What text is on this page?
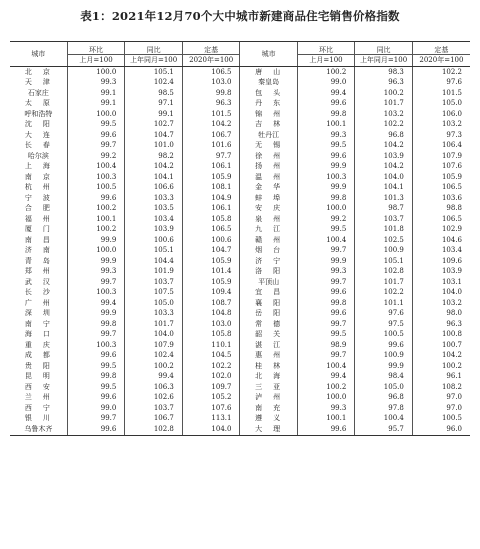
表1：2021年12月70个大中城市新建商品住宅销售价格指数
城市	环比	同比	定基	城市	环比	同比	定基
	上月=100	上年同月=100	2020年=100		上月=100	上年同月=100	2020年=100
北　京	100.0	105.1	106.5	唐　山	100.2	98.3	102.2
天　津	99.3	102.4	103.0	秦皇岛	99.0	96.3	97.6
石家庄	99.1	98.5	99.8	包　头	99.4	100.2	101.5
太　原	99.1	97.1	96.3	丹　东	99.6	101.7	105.0
呼和浩特	100.0	99.1	101.5	锦　州	99.8	103.2	106.0
沈　阳	99.5	102.7	104.2	吉　林	100.1	102.2	103.2
大　连	99.6	104.7	106.7	牡丹江	99.3	96.8	97.3
长　春	99.7	101.0	101.6	无　锡	99.5	104.2	106.4
哈尔滨	99.2	98.2	97.7	徐　州	99.6	103.9	107.9
上　海	100.4	104.2	106.1	扬　州	99.9	104.2	107.6
南　京	100.3	104.1	105.9	温　州	100.3	104.0	105.9
杭　州	100.5	106.6	108.1	金　华	99.9	104.1	106.5
宁　波	99.6	103.3	104.9	蚌　埠	99.8	101.3	103.6
合　肥	100.2	103.5	106.1	安　庆	100.0	98.7	98.8
福　州	100.1	103.4	105.8	泉　州	99.2	103.7	106.5
厦　门	100.2	103.9	106.5	九　江	99.5	101.8	102.9
南　昌	99.9	100.6	100.6	赣　州	100.4	102.5	104.6
济　南	100.0	105.1	104.7	烟　台	99.7	100.9	103.4
青　岛	99.9	104.4	105.9	济　宁	99.9	105.1	109.6
郑　州	99.3	101.9	101.4	洛　阳	99.3	102.8	103.9
武　汉	99.7	103.7	105.9	平顶山	99.7	101.7	103.1
长　沙	100.3	107.5	109.4	宜　昌	99.6	102.2	104.0
广　州	99.4	105.0	108.7	襄　阳	99.8	101.1	103.2
深　圳	99.9	103.3	104.8	岳　阳	99.6	97.6	98.0
南　宁	99.8	101.7	103.0	常　德	99.7	97.5	96.3
海　口	99.7	104.0	105.8	韶　关	99.5	100.5	100.8
重　庆	100.3	107.9	110.1	湛　江	98.9	99.6	100.7
成　都	99.6	102.4	104.5	惠　州	99.7	100.9	104.2
贵　阳	99.5	100.2	102.2	桂　林	100.4	99.9	100.2
昆　明	99.8	99.4	102.0	北　海	99.4	98.4	96.1
西　安	99.5	106.3	109.7	三　亚	100.2	105.0	108.2
兰　州	99.6	102.6	105.2	泸　州	100.0	96.8	97.0
西　宁	99.0	103.7	107.6	南　充	99.3	97.8	97.0
银　川	99.7	106.7	113.1	遵　义	100.1	100.4	100.5
乌鲁木齐	99.6	102.8	104.0	大　理	99.6	95.7	96.0
